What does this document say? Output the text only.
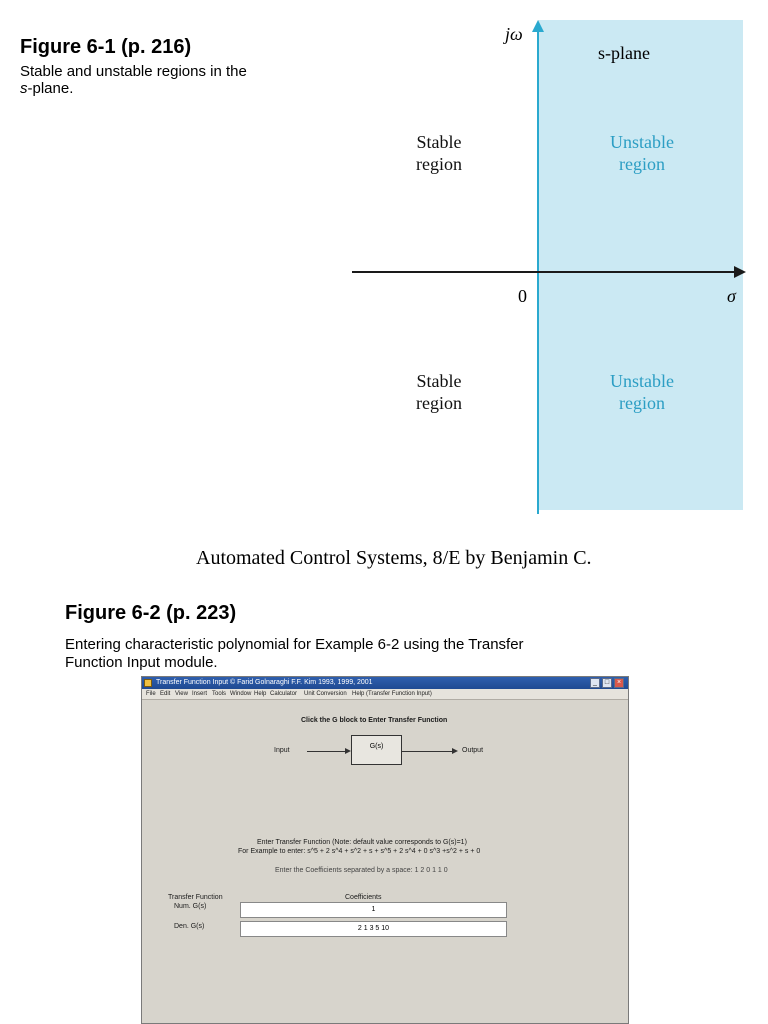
Figure 6-1 (p. 216)
Stable and unstable regions in the
s-plane.
jω
σ
0
s-plane
Stable
region
Unstable
region
Stable
region
Unstable
region
Automated Control Systems, 8/E by Benjamin C.
Figure 6-2 (p. 223)
Entering characteristic polynomial for Example 6-2 using the Transfer
Function Input module.
Transfer Function Input © Farid Golnaraghi F.F. Kim 1993, 1999, 2001	_	□	×
File Edit View Insert Tools Window Help Calculator Unit Conversion Help (Transfer Function Input)
Click the G block to Enter Transfer Function
Input
G(s)
Output
Enter Transfer Function (Note: default value corresponds to G(s)=1)
For Example to enter: s^5 + 2 s^4 + s^2 + s + s^5 + 2 s^4 + 0 s^3 +s^2 + s + 0
Enter the Coefficients separated by a space: 1 2 0 1 1 0
Transfer Function	Coefficients
Num. G(s)	1
Den. G(s)	2 1 3 5 10
